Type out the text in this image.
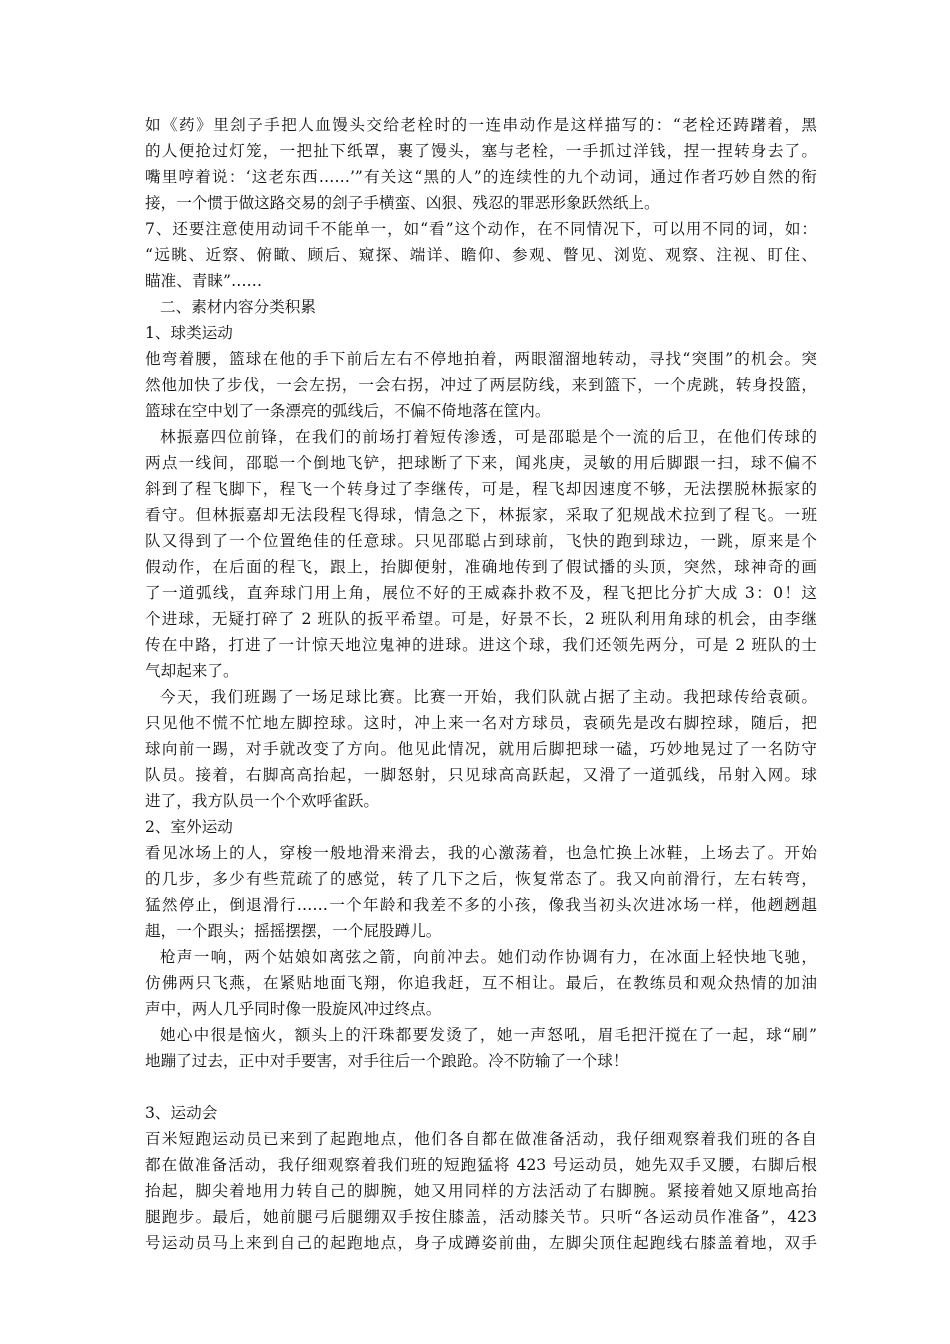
如《药》里刽子手把人血馒头交给老栓时的一连串动作是这样描写的：“老栓还踌躇着，黑
的人便抢过灯笼，一把扯下纸罩，裹了馒头，塞与老栓，一手抓过洋钱，捏一捏转身去了。
嘴里哼着说：‘这老东西……’”有关这“黑的人”的连续性的九个动词，通过作者巧妙自然的衔
接，一个惯于做这路交易的刽子手横蛮、凶狠、残忍的罪恶形象跃然纸上。
7、还要注意使用动词千不能单一，如“看”这个动作，在不同情况下，可以用不同的词，如：
“远眺、近察、俯瞰、顾后、窥探、端详、瞻仰、参观、瞥见、浏览、观察、注视、盯住、
瞄准、青睐”……
二、素材内容分类积累
1、球类运动
他弯着腰，篮球在他的手下前后左右不停地拍着，两眼溜溜地转动，寻找“突围”的机会。突
然他加快了步伐，一会左拐，一会右拐，冲过了两层防线，来到篮下，一个虎跳，转身投篮，
篮球在空中划了一条漂亮的弧线后，不偏不倚地落在筐内。
林振嘉四位前锋，在我们的前场打着短传渗透，可是邵聪是个一流的后卫，在他们传球的
两点一线间，邵聪一个倒地飞铲，把球断了下来，闻兆庚，灵敏的用后脚跟一扫，球不偏不
斜到了程飞脚下，程飞一个转身过了李继传，可是，程飞却因速度不够，无法摆脱林振家的
看守。但林振嘉却无法段程飞得球，情急之下，林振家，采取了犯规战术拉到了程飞。一班
队又得到了一个位置绝佳的任意球。只见邵聪占到球前，飞快的跑到球边，一跳，原来是个
假动作，在后面的程飞，跟上，抬脚便射，准确地传到了假试播的头顶，突然，球神奇的画
了一道弧线，直奔球门用上角，展位不好的王威森扑救不及，程飞把比分扩大成 3：0！这
个进球，无疑打碎了 2 班队的扳平希望。可是，好景不长，2 班队利用角球的机会，由李继
传在中路，打进了一计惊天地泣鬼神的进球。进这个球，我们还领先两分，可是 2 班队的士
气却起来了。
今天，我们班踢了一场足球比赛。比赛一开始，我们队就占据了主动。我把球传给袁硕。
只见他不慌不忙地左脚控球。这时，冲上来一名对方球员，袁硕先是改右脚控球，随后，把
球向前一踢，对手就改变了方向。他见此情况，就用后脚把球一磕，巧妙地晃过了一名防守
队员。接着，右脚高高抬起，一脚怒射，只见球高高跃起，又滑了一道弧线，吊射入网。球
进了，我方队员一个个欢呼雀跃。
2、室外运动
看见冰场上的人，穿梭一般地滑来滑去，我的心激荡着，也急忙换上冰鞋，上场去了。开始
的几步，多少有些荒疏了的感觉，转了几下之后，恢复常态了。我又向前滑行，左右转弯，
猛然停止，倒退滑行……一个年龄和我差不多的小孩，像我当初头次进冰场一样，他趔趔趄
趄，一个跟头；摇摇摆摆，一个屁股蹲儿。
枪声一响，两个姑娘如离弦之箭，向前冲去。她们动作协调有力，在冰面上轻快地飞驰，
仿佛两只飞燕，在紧贴地面飞翔，你追我赶，互不相让。最后，在教练员和观众热情的加油
声中，两人几乎同时像一股旋风冲过终点。
她心中很是恼火，额头上的汗珠都要发烫了，她一声怒吼，眉毛把汗搅在了一起，球“刷”
地蹦了过去，正中对手要害，对手往后一个踉跄。冷不防输了一个球！
3、运动会
百米短跑运动员已来到了起跑地点，他们各自都在做准备活动，我仔细观察着我们班的各自
都在做准备活动，我仔细观察着我们班的短跑猛将 423 号运动员，她先双手叉腰，右脚后根
抬起，脚尖着地用力转自己的脚腕，她又用同样的方法活动了右脚腕。紧接着她又原地高抬
腿跑步。最后，她前腿弓后腿绷双手按住膝盖，活动膝关节。只听“各运动员作准备”，423
号运动员马上来到自己的起跑地点，身子成蹲姿前曲，左脚尖顶住起跑线右膝盖着地，双手
